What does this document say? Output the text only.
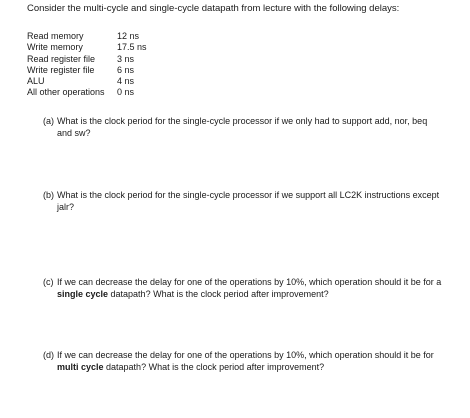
Consider the multi-cycle and single-cycle datapath from lecture with the following delays:
Read memory	12 ns
Write memory	17.5 ns
Read register file	3 ns
Write register file	6 ns
ALU	4 ns
All other operations	0 ns
(a) What is the clock period for the single-cycle processor if we only had to support add, nor, beq and sw?
(b) What is the clock period for the single-cycle processor if we support all LC2K instructions except jalr?
(c) If we can decrease the delay for one of the operations by 10%, which operation should it be for a single cycle datapath? What is the clock period after improvement?
(d) If we can decrease the delay for one of the operations by 10%, which operation should it be for multi cycle datapath? What is the clock period after improvement?
